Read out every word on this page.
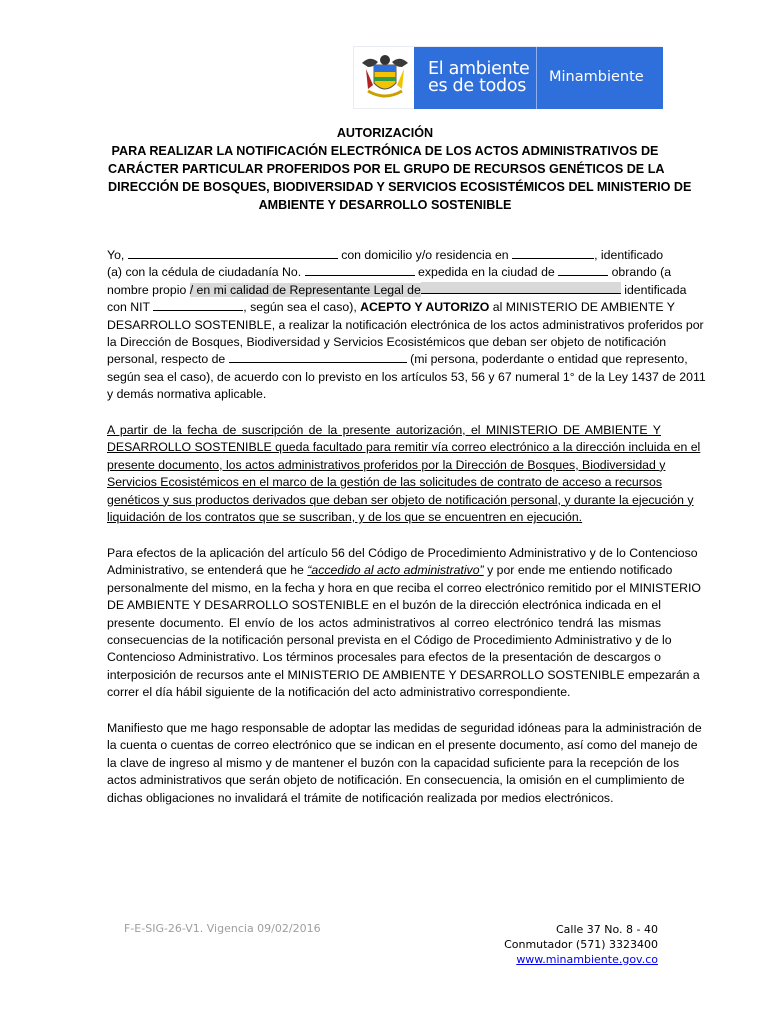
El ambiente
es de todos	Minambiente
AUTORIZACIÓN
PARA REALIZAR LA NOTIFICACIÓN ELECTRÓNICA DE LOS ACTOS ADMINISTRATIVOS DE
CARÁCTER PARTICULAR PROFERIDOS POR EL GRUPO DE RECURSOS GENÉTICOS DE LA
DIRECCIÓN DE BOSQUES, BIODIVERSIDAD Y SERVICIOS ECOSISTÉMICOS DEL MINISTERIO DE
AMBIENTE Y DESARROLLO SOSTENIBLE
Yo,	con domicilio y/o residencia en	, identificado
(a) con la cédula de ciudadanía No.	expedida en la ciudad de	obrando (a
nombre propio / en mi calidad de Representante Legal de	identificada
con NIT	, según sea el caso), ACEPTO Y AUTORIZO al MINISTERIO DE AMBIENTE Y
DESARROLLO SOSTENIBLE, a realizar la notificación electrónica de los actos administrativos proferidos por
la Dirección de Bosques, Biodiversidad y Servicios Ecosistémicos que deban ser objeto de notificación
personal, respecto de	(mi persona, poderdante o entidad que represento,
según sea el caso), de acuerdo con lo previsto en los artículos 53, 56 y 67 numeral 1° de la Ley 1437 de 2011
y demás normativa aplicable.
A partir de la fecha de suscripción de la presente autorización, el MINISTERIO DE AMBIENTE Y
DESARROLLO SOSTENIBLE queda facultado para remitir vía correo electrónico a la dirección incluida en el
presente documento, los actos administrativos proferidos por la Dirección de Bosques, Biodiversidad y
Servicios Ecosistémicos en el marco de la gestión de las solicitudes de contrato de acceso a recursos
genéticos y sus productos derivados que deban ser objeto de notificación personal, y durante la ejecución y
liquidación de los contratos que se suscriban, y de los que se encuentren en ejecución.
Para efectos de la aplicación del artículo 56 del Código de Procedimiento Administrativo y de lo Contencioso
Administrativo, se entenderá que he “accedido al acto administrativo” y por ende me entiendo notificado
personalmente del mismo, en la fecha y hora en que reciba el correo electrónico remitido por el MINISTERIO
DE AMBIENTE Y DESARROLLO SOSTENIBLE en el buzón de la dirección electrónica indicada en el
presente documento. El envío de los actos administrativos al correo electrónico tendrá las mismas
consecuencias de la notificación personal prevista en el Código de Procedimiento Administrativo y de lo
Contencioso Administrativo. Los términos procesales para efectos de la presentación de descargos o
interposición de recursos ante el MINISTERIO DE AMBIENTE Y DESARROLLO SOSTENIBLE empezarán a
correr el día hábil siguiente de la notificación del acto administrativo correspondiente.
Manifiesto que me hago responsable de adoptar las medidas de seguridad idóneas para la administración de
la cuenta o cuentas de correo electrónico que se indican en el presente documento, así como del manejo de
la clave de ingreso al mismo y de mantener el buzón con la capacidad suficiente para la recepción de los
actos administrativos que serán objeto de notificación. En consecuencia, la omisión en el cumplimiento de
dichas obligaciones no invalidará el trámite de notificación realizada por medios electrónicos.
F-E-SIG-26-V1. Vigencia 09/02/2016	Calle 37 No. 8 - 40
Conmutador (571) 3323400
www.minambiente.gov.co
